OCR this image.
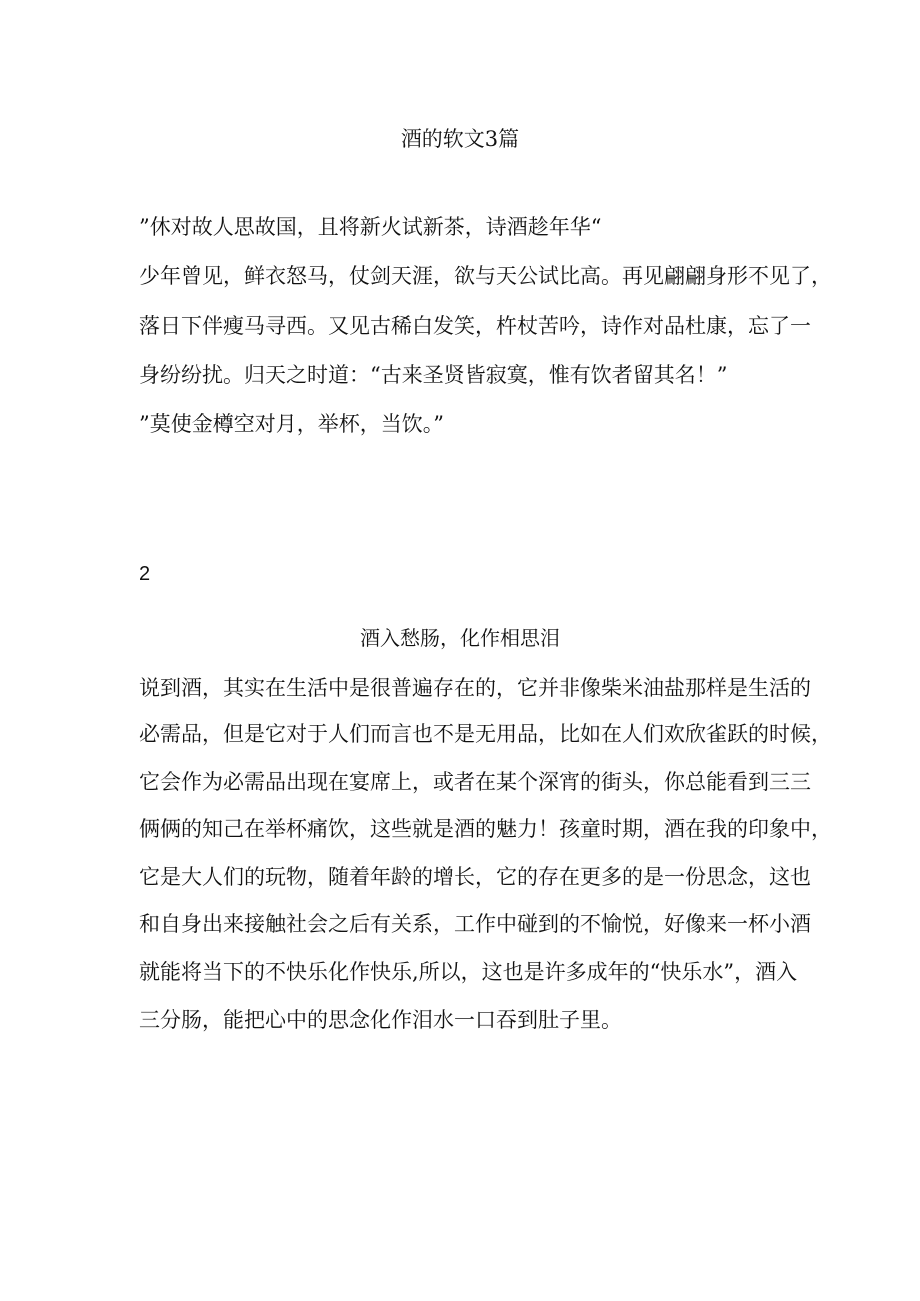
酒的软文3篇
”休对故人思故国，且将新火试新茶，诗酒趁年华“
少年曾见，鲜衣怒马，仗剑天涯，欲与天公试比高。再见翩翩身形不见了，
落日下伴瘦马寻西。又见古稀白发笑，杵杖苦吟，诗作对品杜康，忘了一
身纷纷扰。归天之时道：“古来圣贤皆寂寞，惟有饮者留其名！”
”莫使金樽空对月，举杯，当饮。”
2
酒入愁肠，化作相思泪
说到酒，其实在生活中是很普遍存在的，它并非像柴米油盐那样是生活的
必需品，但是它对于人们而言也不是无用品，比如在人们欢欣雀跃的时候，
它会作为必需品出现在宴席上，或者在某个深宵的街头，你总能看到三三
俩俩的知己在举杯痛饮，这些就是酒的魅力！孩童时期，酒在我的印象中，
它是大人们的玩物，随着年龄的增长，它的存在更多的是一份思念，这也
和自身出来接触社会之后有关系，工作中碰到的不愉悦，好像来一杯小酒
就能将当下的不快乐化作快乐,所以，这也是许多成年的“快乐水”，酒入
三分肠，能把心中的思念化作泪水一口吞到肚子里。
